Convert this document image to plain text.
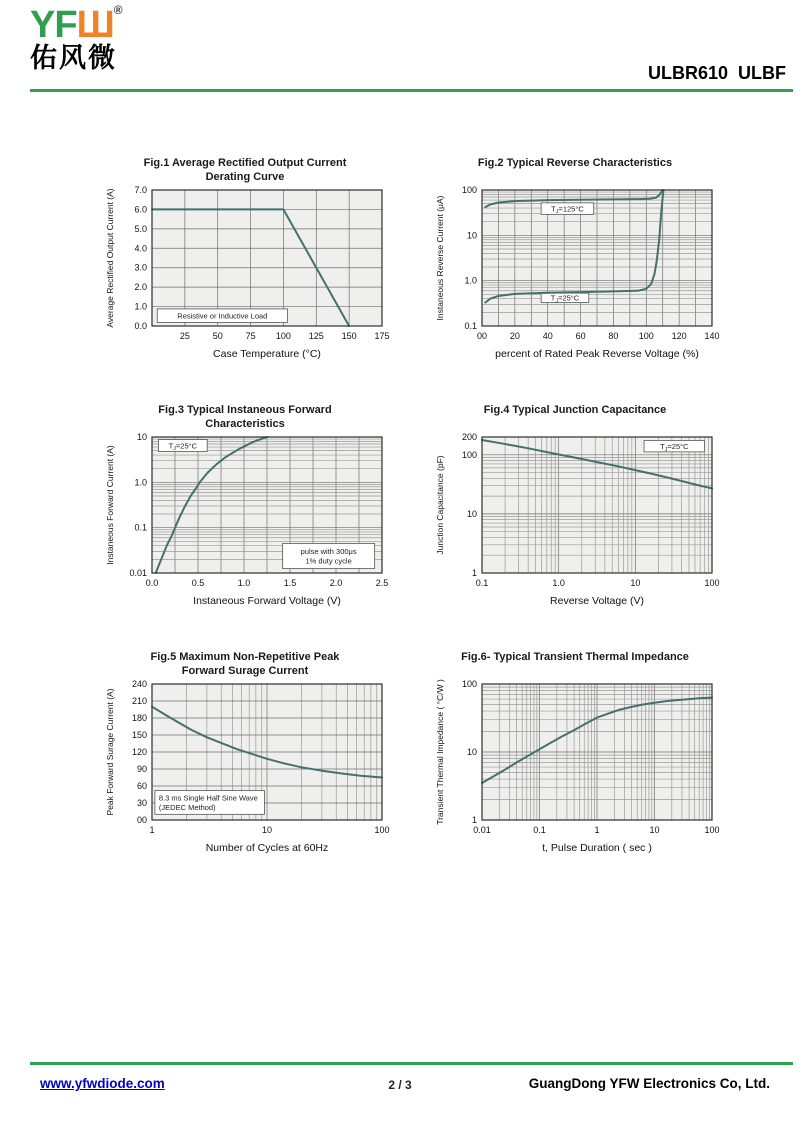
YFШ®
佑风微	ULBR610  ULBF
Fig.1 Average Rectified Output Current
Derating Curve
Resistive or Inductive Load
25	50	75 100 125 150 175
7.0
6.0
5.0
4.0
3.0
2.0
1.0
0.0
Case Temperature (°C)
Average Rectified Output Current (A)
Fig.2 Typical Reverse Characteristics
$T_J=125^\circ C$
$T_J=25^\circ C$
00	20	40	60	80 100 120 140
100
10
1.0
0.1
percent of Rated Peak Reverse Voltage (%)
Instaneous Reverse Current (μA)
Fig.3 Typical Instaneous Forward
Characteristics
$T_J=25^\circ C$
pulse with 300μs
1% duty cycle
0.0	0.5	1.0	1.5	2.0	2.5
10
1.0
0.1
0.01
Instaneous Forward Voltage (V)
Instaneous Forward Current (A)
Fig.4 Typical Junction Capacitance
$T_J=25^\circ C$
0.1	1.0	10	100
200
100
10
1
Reverse Voltage (V)
Junction Capacitance (pF)
Fig.5 Maximum Non-Repetitive Peak
Forward Surage Current
8.3 ms Single Half Sine Wave
(JEDEC Method)
1	10	100
240
210
180
150
120
90
60
30
00
Number of Cycles at 60Hz
Peak Forward Surage Current (A)
Fig.6- Typical Transient Thermal Impedance
0.01	0.1	1	10	100
100
10
1
t, Pulse Duration ( sec )
Transient Thermal Impedance ( °C/W )
www.yfwdiode.com	2 / 3	GuangDong YFW Electronics Co, Ltd.
